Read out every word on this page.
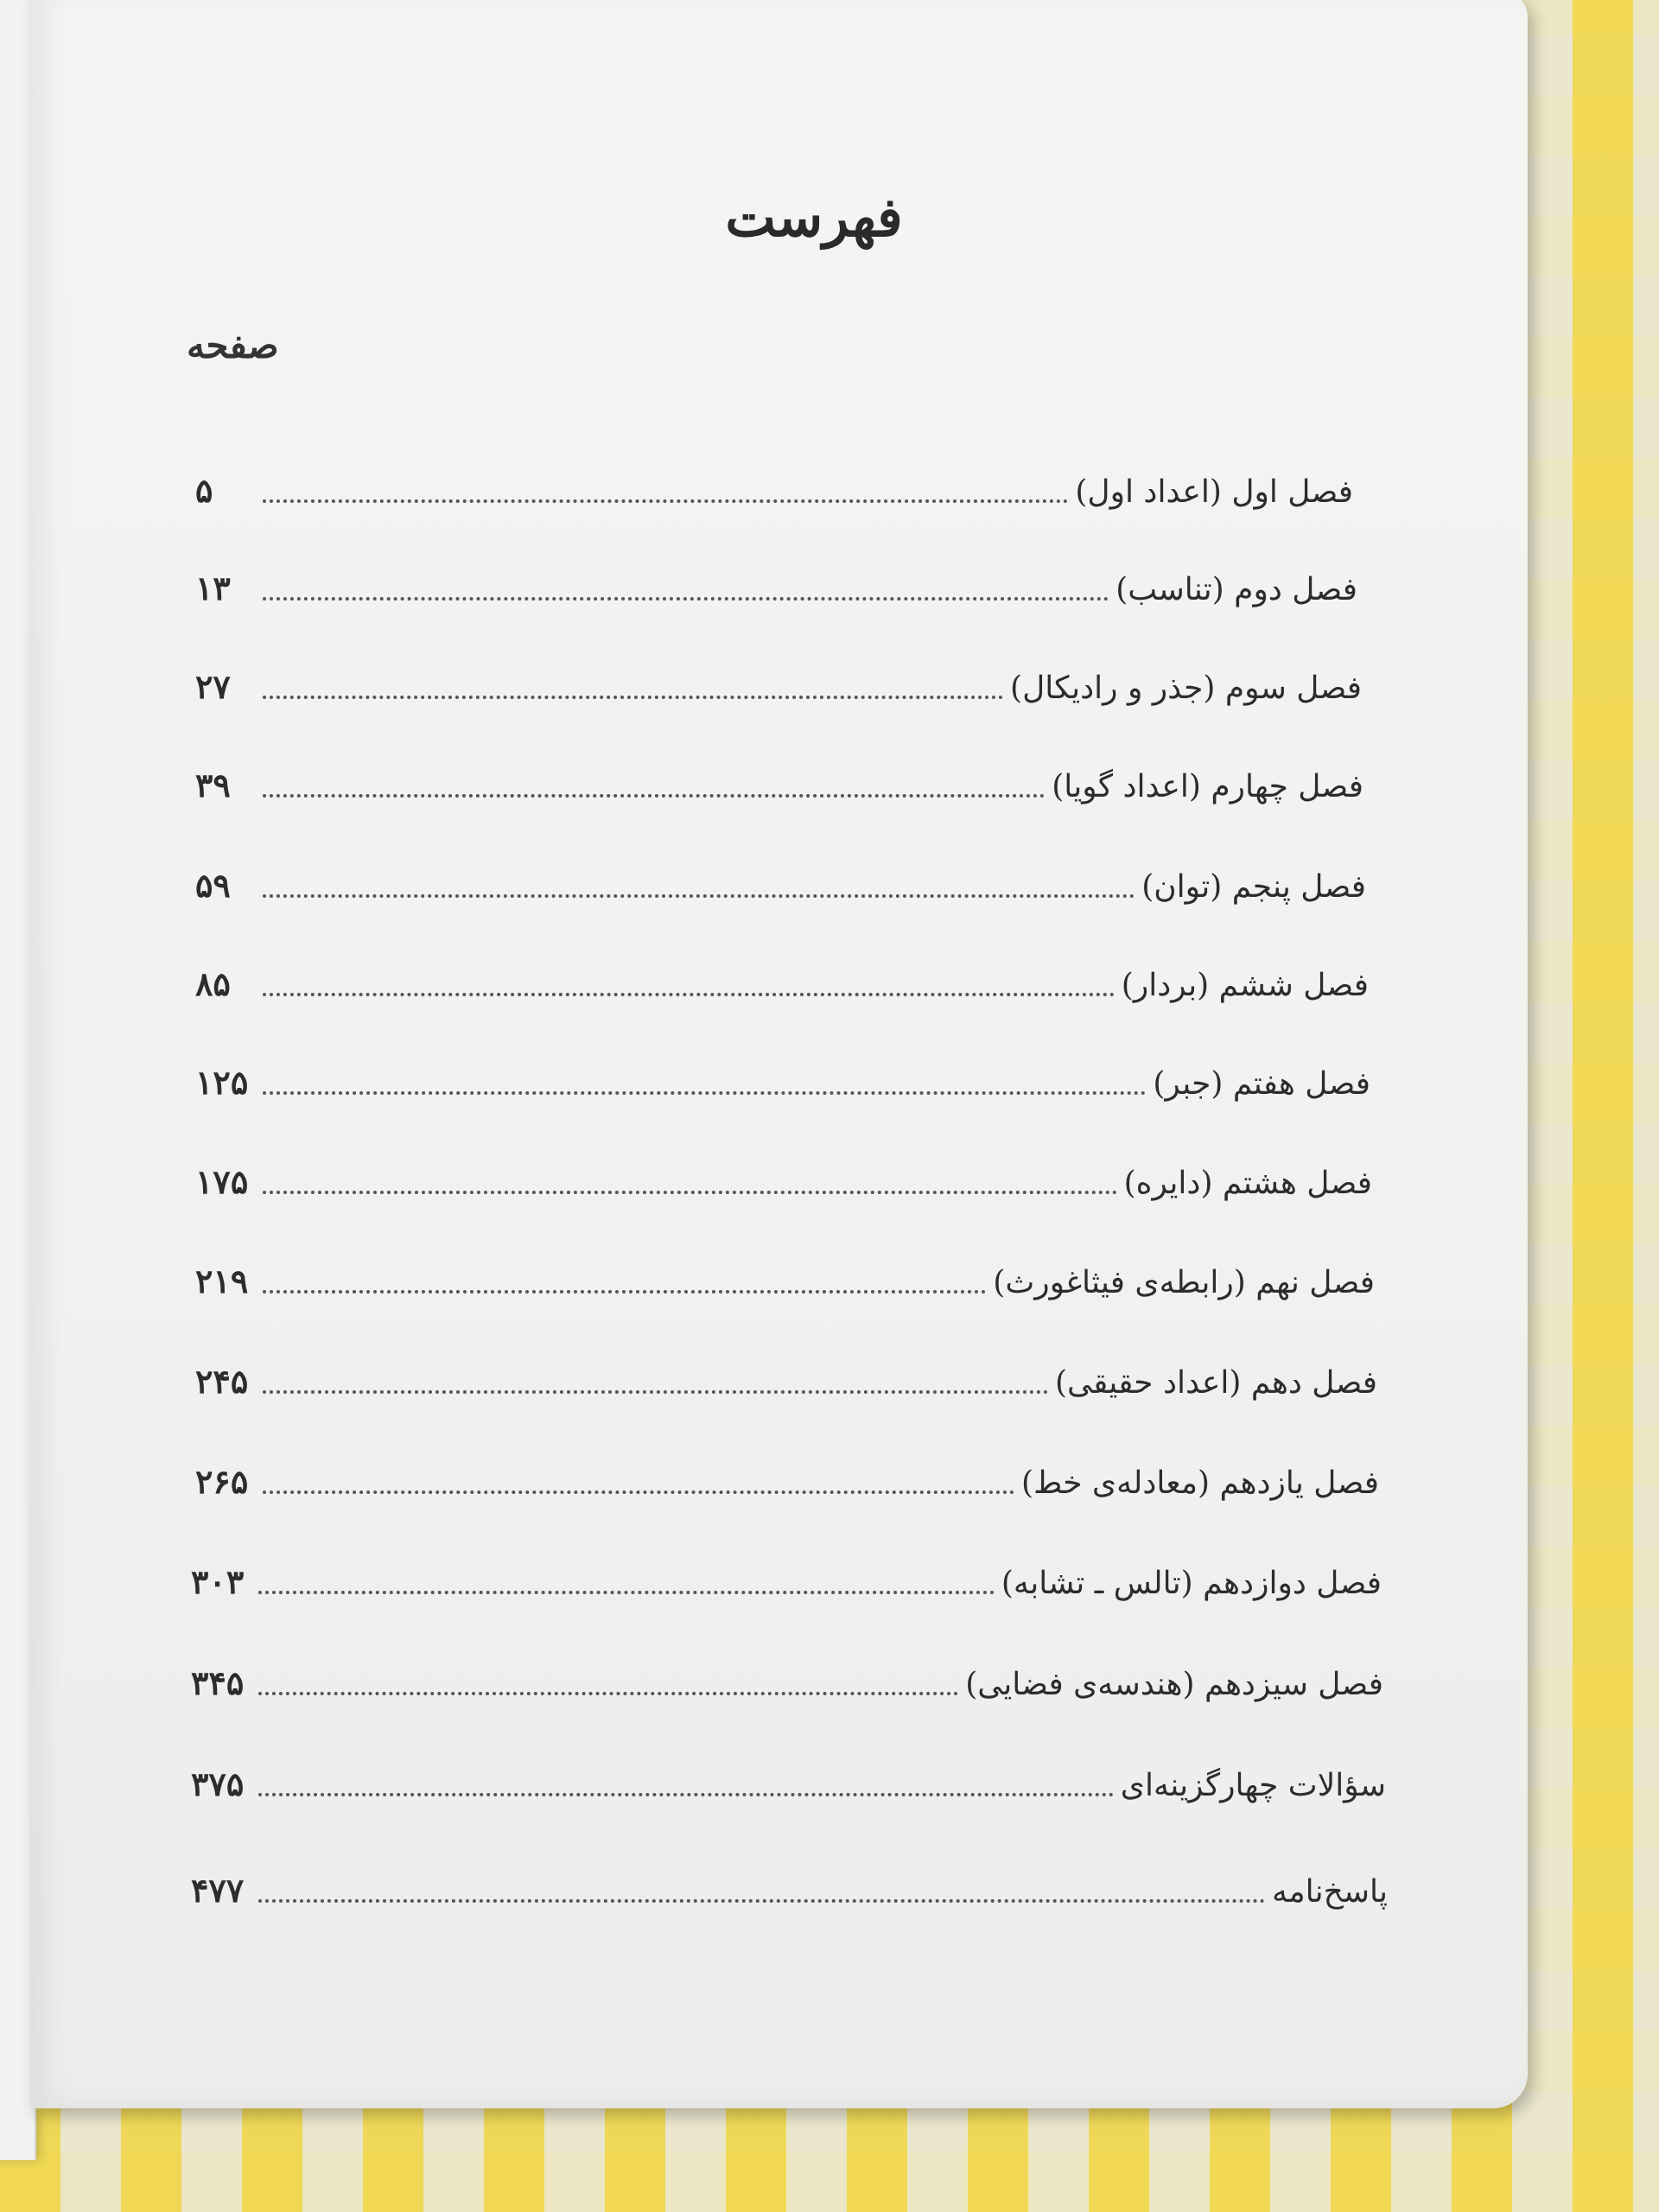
فهرست
صفحه
۵	فصل اول (اعداد اول)
۱۳	فصل دوم (تناسب)
۲۷	فصل سوم (جذر و رادیکال)
۳۹	فصل چهارم (اعداد گویا)
۵۹	فصل پنجم (توان)
۸۵	فصل ششم (بردار)
۱۲۵	فصل هفتم (جبر)
۱۷۵	فصل هشتم (دایره)
۲۱۹	فصل نهم (رابطه‌ی فیثاغورث)
۲۴۵	فصل دهم (اعداد حقیقی)
۲۶۵	فصل یازدهم (معادله‌ی خط)
۳۰۳	فصل دوازدهم (تالس ـ تشابه)
۳۴۵	فصل سیزدهم (هندسه‌ی فضایی)
۳۷۵	سؤالات چهارگزینه‌ای
۴۷۷	پاسخ‌نامه
